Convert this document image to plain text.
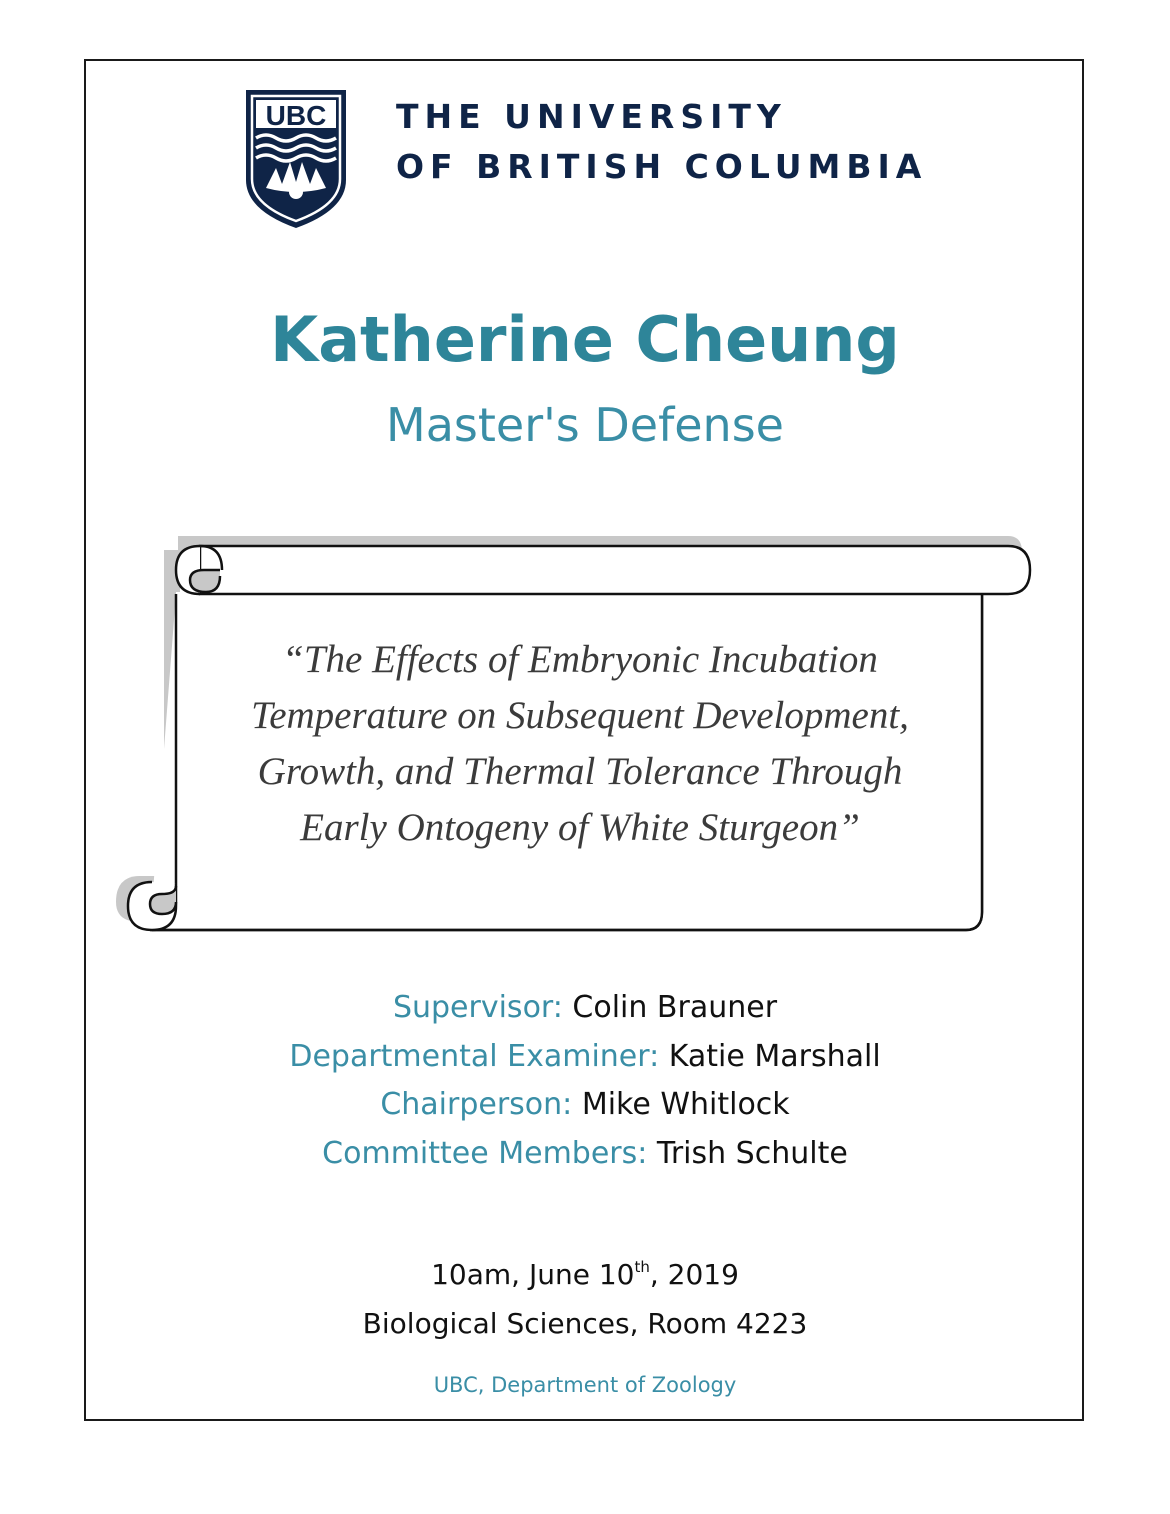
UBC THE UNIVERSITY
OF BRITISH COLUMBIA
Katherine Cheung
Master's Defense
“The Effects of Embryonic Incubation
Temperature on Subsequent Development,
Growth, and Thermal Tolerance Through
Early Ontogeny of White Sturgeon”
Supervisor: Colin Brauner
Departmental Examiner: Katie Marshall
Chairperson: Mike Whitlock
Committee Members: Trish Schulte
10am, June 10th, 2019
Biological Sciences, Room 4223
UBC, Department of Zoology
